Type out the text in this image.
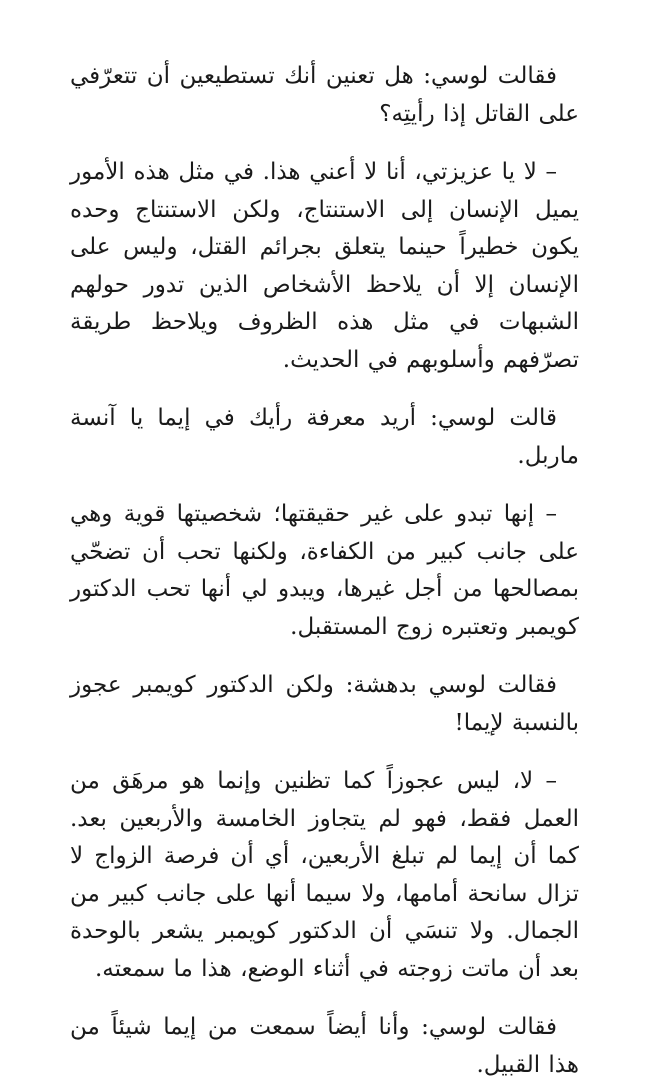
فقالت لوسي: هل تعنين أنك تستطيعين أن تتعرّفي على القاتل إذا رأيتِه؟

– لا يا عزيزتي، أنا لا أعني هذا. في مثل هذه الأمور يميل الإنسان إلى الاستنتاج، ولكن الاستنتاج وحده يكون خطيراً حينما يتعلق بجرائم القتل، وليس على الإنسان إلا أن يلاحظ الأشخاص الذين تدور حولهم الشبهات في مثل هذه الظروف ويلاحظ طريقة تصرّفهم وأسلوبهم في الحديث.

قالت لوسي: أريد معرفة رأيك في إيما يا آنسة ماربل.

– إنها تبدو على غير حقيقتها؛ شخصيتها قوية وهي على جانب كبير من الكفاءة، ولكنها تحب أن تضحّي بمصالحها من أجل غيرها، ويبدو لي أنها تحب الدكتور كويمبر وتعتبره زوج المستقبل.

فقالت لوسي بدهشة: ولكن الدكتور كويمبر عجوز بالنسبة لإيما!

– لا، ليس عجوزاً كما تظنين وإنما هو مرهَق من العمل فقط، فهو لم يتجاوز الخامسة والأربعين بعد. كما أن إيما لم تبلغ الأربعين، أي أن فرصة الزواج لا تزال سانحة أمامها، ولا سيما أنها على جانب كبير من الجمال. ولا تنسَي أن الدكتور كويمبر يشعر بالوحدة بعد أن ماتت زوجته في أثناء الوضع، هذا ما سمعته.

فقالت لوسي: وأنا أيضاً سمعت من إيما شيئاً من هذا القبيل.
